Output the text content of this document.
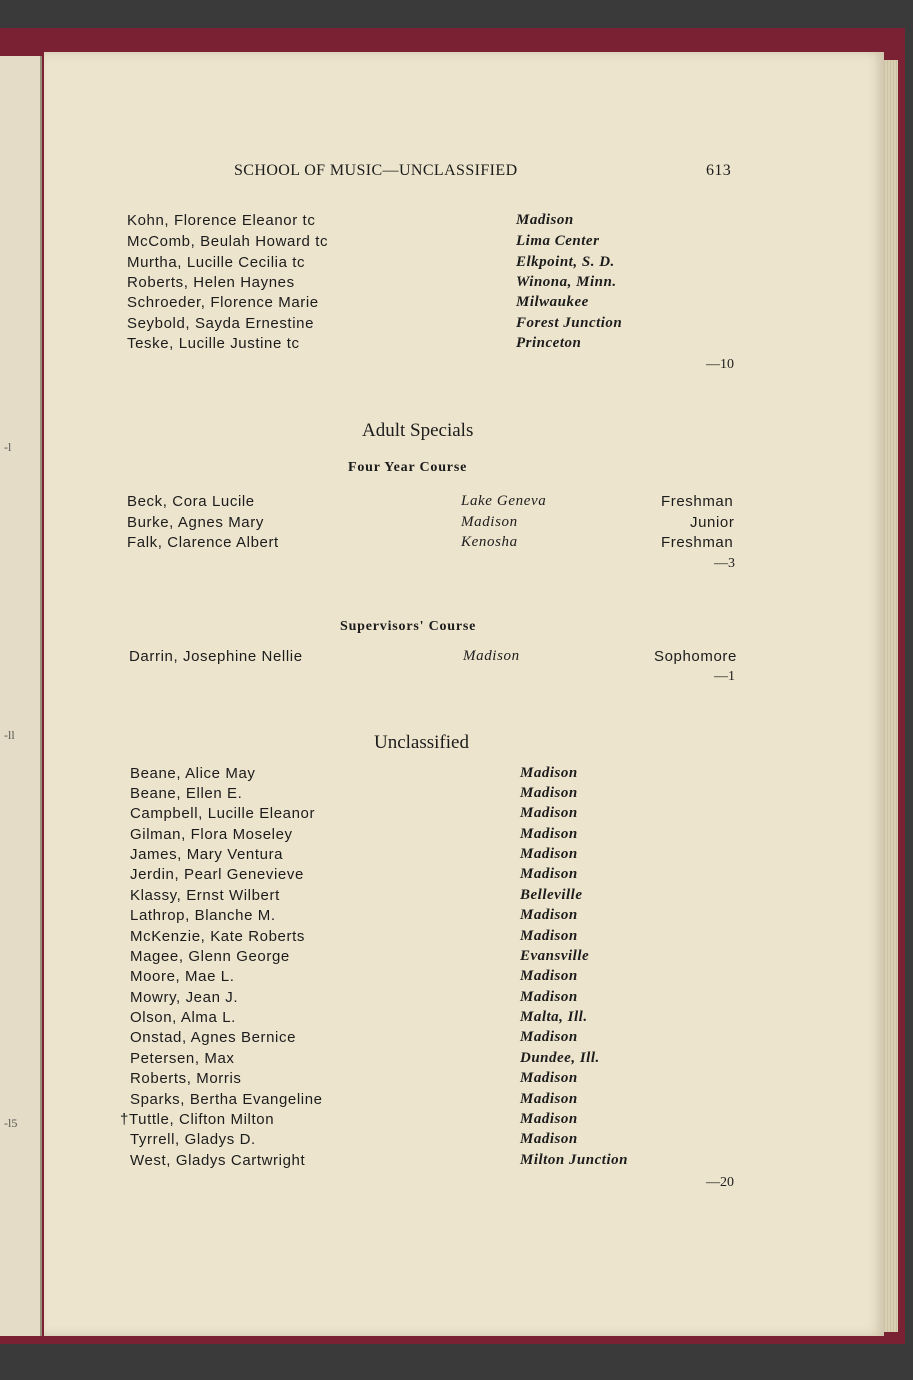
-l
-ll
-l5
SCHOOL OF MUSIC—UNCLASSIFIED	613
Kohn, Florence Eleanor tc	Madison
McComb, Beulah Howard tc	Lima Center
Murtha, Lucille Cecilia tc	Elkpoint, S. D.
Roberts, Helen Haynes	Winona, Minn.
Schroeder, Florence Marie	Milwaukee
Seybold, Sayda Ernestine	Forest Junction
Teske, Lucille Justine tc	Princeton
—10
Adult Specials
Four Year Course
Beck, Cora Lucile	Lake Geneva	Freshman
Burke, Agnes Mary	Madison	Junior
Falk, Clarence Albert	Kenosha	Freshman
—3
Supervisors' Course
Darrin, Josephine Nellie	Madison	Sophomore
—1
Unclassified
Beane, Alice May	Madison
Beane, Ellen E.	Madison
Campbell, Lucille Eleanor	Madison
Gilman, Flora Moseley	Madison
James, Mary Ventura	Madison
Jerdin, Pearl Genevieve	Madison
Klassy, Ernst Wilbert	Belleville
Lathrop, Blanche M.	Madison
McKenzie, Kate Roberts	Madison
Magee, Glenn George	Evansville
Moore, Mae L.	Madison
Mowry, Jean J.	Madison
Olson, Alma L.	Malta, Ill.
Onstad, Agnes Bernice	Madison
Petersen, Max	Dundee, Ill.
Roberts, Morris	Madison
Sparks, Bertha Evangeline	Madison
†Tuttle, Clifton Milton	Madison
Tyrrell, Gladys D.	Madison
West, Gladys Cartwright	Milton Junction
—20
